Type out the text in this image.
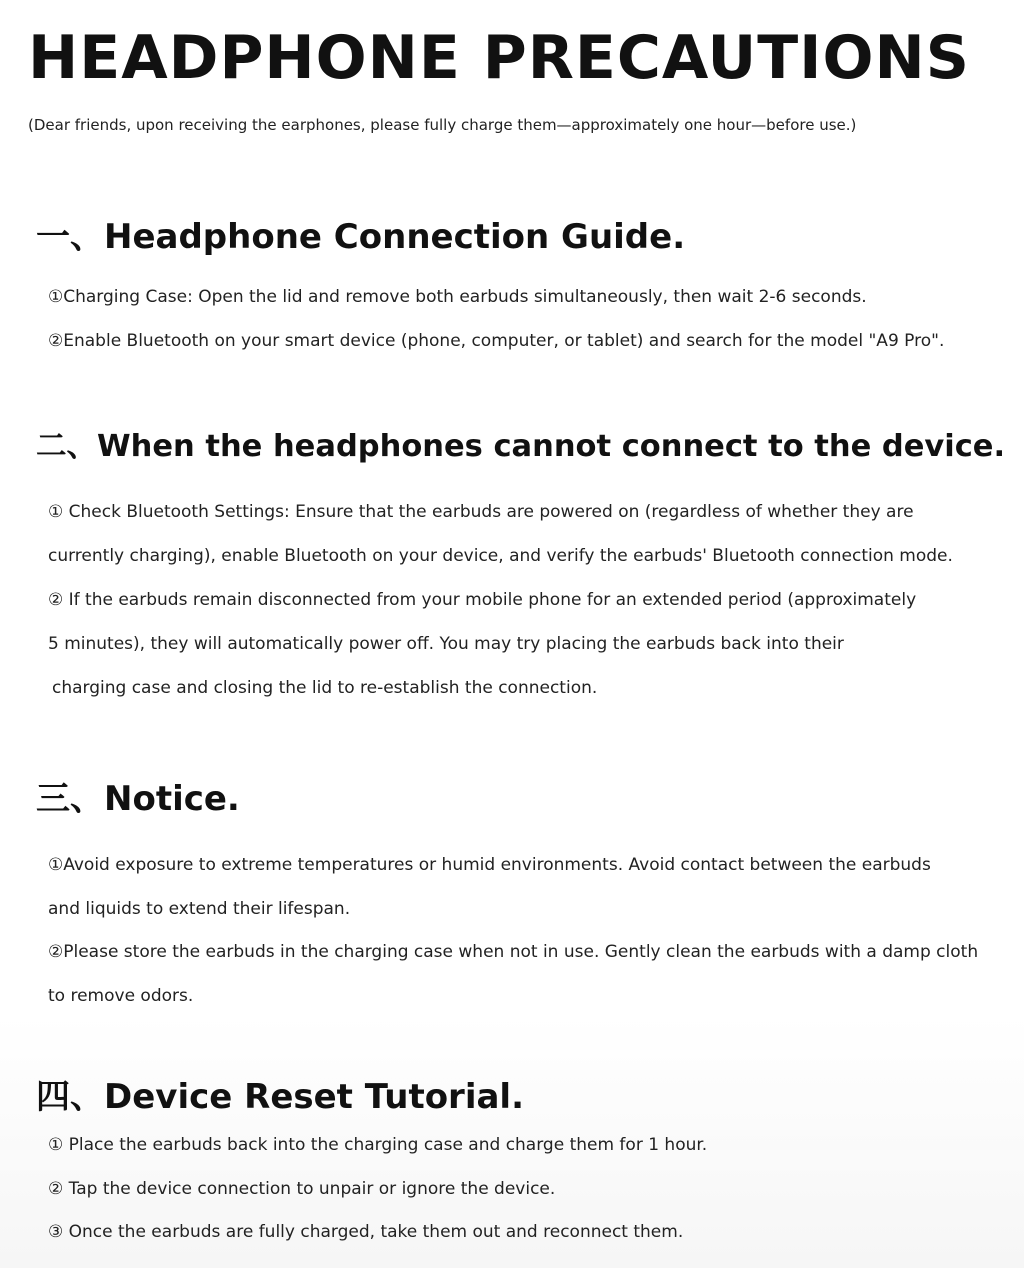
HEADPHONE PRECAUTIONS
(Dear friends, upon receiving the earphones, please fully charge them—approximately one hour—before use.)
一、Headphone Connection Guide.
①Charging Case: Open the lid and remove both earbuds simultaneously, then wait 2-6 seconds.
②Enable Bluetooth on your smart device (phone, computer, or tablet) and search for the model "A9 Pro".
二、When the headphones cannot connect to the device.
① Check Bluetooth Settings: Ensure that the earbuds are powered on (regardless of whether they are
currently charging), enable Bluetooth on your device, and verify the earbuds' Bluetooth connection mode.
② If the earbuds remain disconnected from your mobile phone for an extended period (approximately
5 minutes), they will automatically power off. You may try placing the earbuds back into their
charging case and closing the lid to re-establish the connection.
三、Notice.
①Avoid exposure to extreme temperatures or humid environments. Avoid contact between the earbuds
and liquids to extend their lifespan.
②Please store the earbuds in the charging case when not in use. Gently clean the earbuds with a damp cloth
to remove odors.
四、Device Reset Tutorial.
① Place the earbuds back into the charging case and charge them for 1 hour.
② Tap the device connection to unpair or ignore the device.
③ Once the earbuds are fully charged, take them out and reconnect them.
